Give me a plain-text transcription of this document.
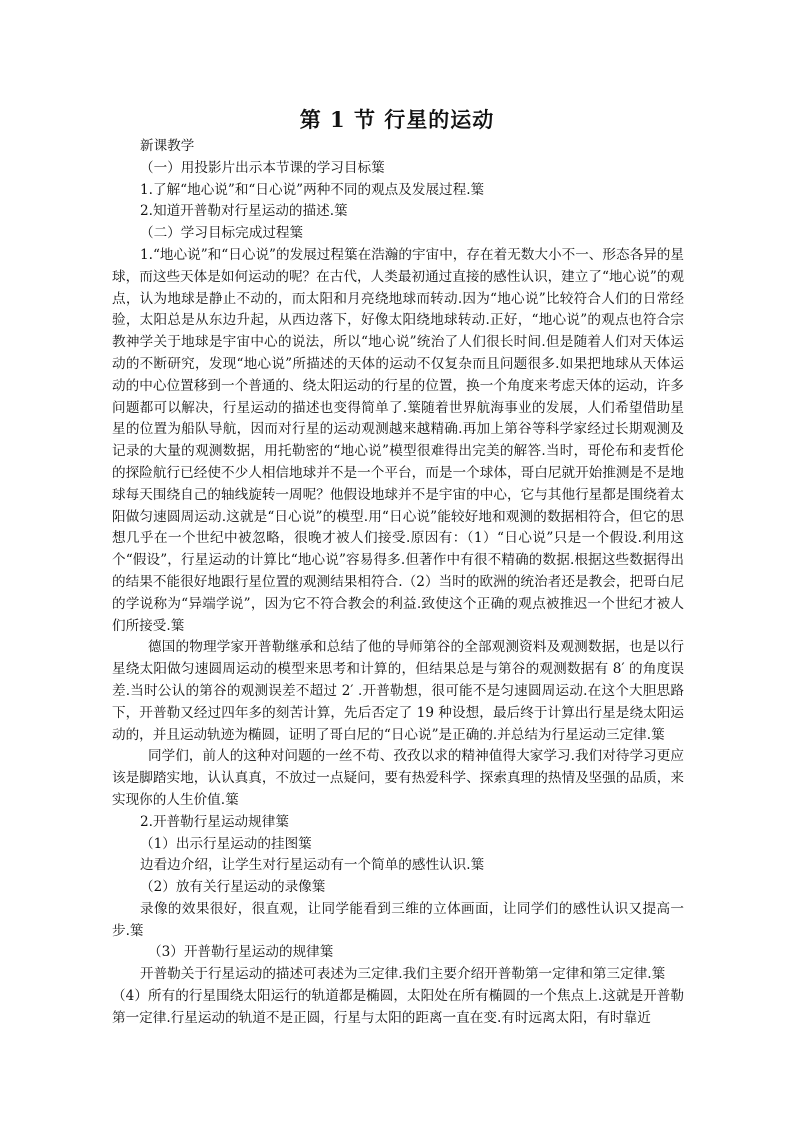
第 1 节 行星的运动

新课教学

（一）用投影片出示本节课的学习目标䈎

1.了解“地心说”和“日心说”两种不同的观点及发展过程.䈎

2.知道开普勒对行星运动的描述.䈎

（二）学习目标完成过程䈎

1.“地心说”和“日心说”的发展过程䈎在浩瀚的宇宙中，存在着无数大小不一、形态各异的星球，而这些天体是如何运动的呢？在古代，人类最初通过直接的感性认识，建立了“地心说”的观点，认为地球是静止不动的，而太阳和月亮绕地球而转动.因为“地心说”比较符合人们的日常经验，太阳总是从东边升起，从西边落下，好像太阳绕地球转动.正好，“地心说”的观点也符合宗教神学关于地球是宇宙中心的说法，所以“地心说”统治了人们很长时间.但是随着人们对天体运动的不断研究，发现“地心说”所描述的天体的运动不仅复杂而且问题很多.如果把地球从天体运动的中心位置移到一个普通的、绕太阳运动的行星的位置，换一个角度来考虑天体的运动，许多问题都可以解决，行星运动的描述也变得简单了.䈎随着世界航海事业的发展，人们希望借助星星的位置为船队导航，因而对行星的运动观测越来越精确.再加上第谷等科学家经过长期观测及记录的大量的观测数据，用托勒密的“地心说”模型很难得出完美的解答.当时，哥伦布和麦哲伦的探险航行已经使不少人相信地球并不是一个平台，而是一个球体，哥白尼就开始推测是不是地球每天围绕自己的轴线旋转一周呢？他假设地球并不是宇宙的中心，它与其他行星都是围绕着太阳做匀速圆周运动.这就是“日心说”的模型.用“日心说”能较好地和观测的数据相符合，但它的思想几乎在一个世纪中被忽略，很晚才被人们接受.原因有：（1）“日心说”只是一个假设.利用这个“假设”，行星运动的计算比“地心说”容易得多.但著作中有很不精确的数据.根据这些数据得出的结果不能很好地跟行星位置的观测结果相符合.（2）当时的欧洲的统治者还是教会，把哥白尼的学说称为“异端学说”，因为它不符合教会的利益.致使这个正确的观点被推迟一个世纪才被人们所接受.䈎

德国的物理学家开普勒继承和总结了他的导师第谷的全部观测资料及观测数据，也是以行星绕太阳做匀速圆周运动的模型来思考和计算的，但结果总是与第谷的观测数据有 8′ 的角度误差.当时公认的第谷的观测误差不超过 2′ .开普勒想，很可能不是匀速圆周运动.在这个大胆思路下，开普勒又经过四年多的刻苦计算，先后否定了 19 种设想，最后终于计算出行星是绕太阳运动的，并且运动轨迹为椭圆，证明了哥白尼的“日心说”是正确的.并总结为行星运动三定律.䈎

同学们，前人的这种对问题的一丝不苟、孜孜以求的精神值得大家学习.我们对待学习更应该是脚踏实地，认认真真，不放过一点疑问，要有热爱科学、探索真理的热情及坚强的品质，来实现你的人生价值.䈎

2.开普勒行星运动规律䈎

（1）出示行星运动的挂图䈎

边看边介绍，让学生对行星运动有一个简单的感性认识.䈎

（2）放有关行星运动的录像䈎

录像的效果很好，很直观，让同学能看到三维的立体画面，让同学们的感性认识又提高一步.䈎

（3）开普勒行星运动的规律䈎

开普勒关于行星运动的描述可表述为三定律.我们主要介绍开普勒第一定律和第三定律.䈎

（4）所有的行星围绕太阳运行的轨道都是椭圆，太阳处在所有椭圆的一个焦点上.这就是开普勒第一定律.行星运动的轨道不是正圆，行星与太阳的距离一直在变.有时远离太阳，有时靠近
